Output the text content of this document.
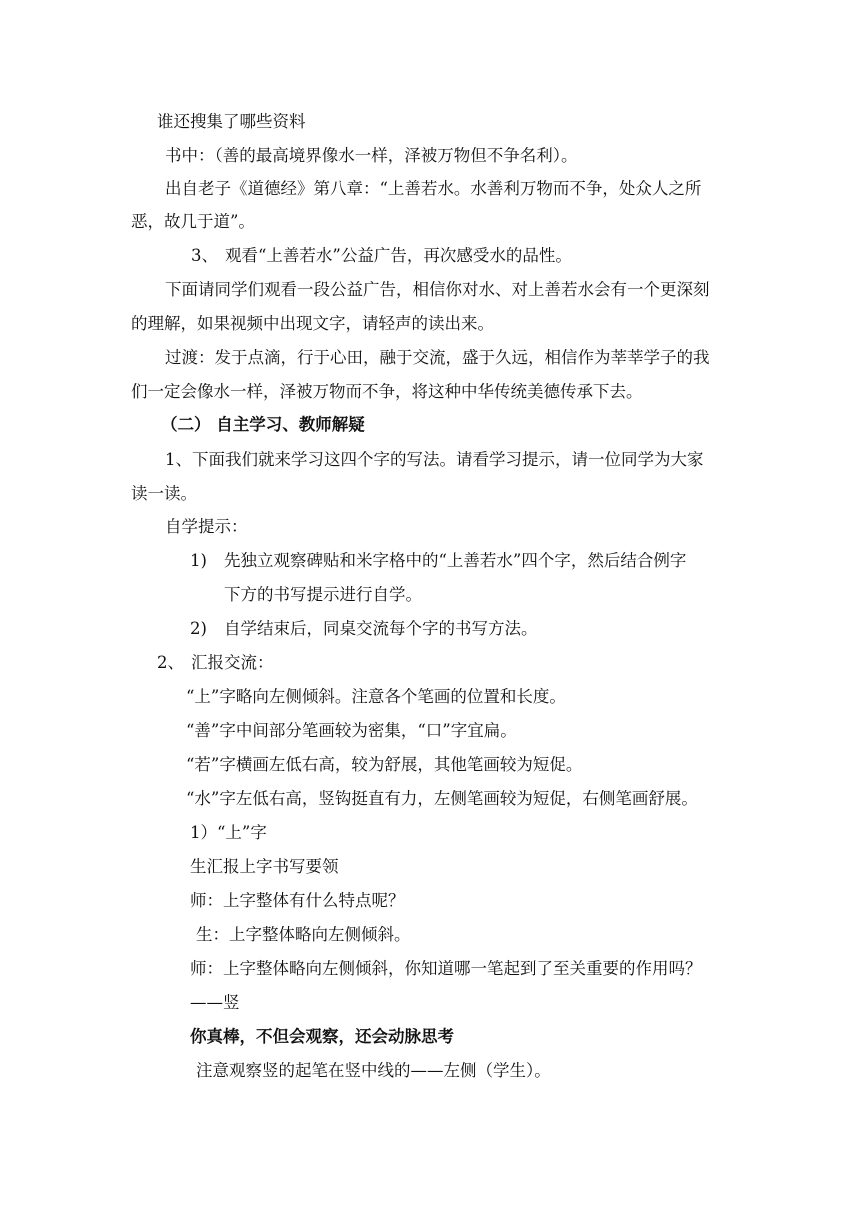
谁还搜集了哪些资料
书中：（善的最高境界像水一样，泽被万物但不争名利）。
出自老子《道德经》第八章：“上善若水。水善利万物而不争，处众人之所
恶，故几于道”。
3、 观看“上善若水”公益广告，再次感受水的品性。
下面请同学们观看一段公益广告，相信你对水、对上善若水会有一个更深刻
的理解，如果视频中出现文字，请轻声的读出来。
过渡：发于点滴，行于心田，融于交流，盛于久远，相信作为莘莘学子的我
们一定会像水一样，泽被万物而不争，将这种中华传统美德传承下去。
（二） 自主学习、教师解疑
1、下面我们就来学习这四个字的写法。请看学习提示，请一位同学为大家
读一读。
自学提示：
1) 先独立观察碑贴和米字格中的“上善若水”四个字，然后结合例字
下方的书写提示进行自学。
2) 自学结束后，同桌交流每个字的书写方法。
2、 汇报交流：
“上”字略向左侧倾斜。注意各个笔画的位置和长度。
“善”字中间部分笔画较为密集，“口”字宜扁。
“若”字横画左低右高，较为舒展，其他笔画较为短促。
“水”字左低右高，竖钩挺直有力，左侧笔画较为短促，右侧笔画舒展。
1）“上”字
生汇报上字书写要领
师：上字整体有什么特点呢？
生：上字整体略向左侧倾斜。
师：上字整体略向左侧倾斜，你知道哪一笔起到了至关重要的作用吗？
——竖
你真棒，不但会观察，还会动脉思考
注意观察竖的起笔在竖中线的——左侧（学生）。
